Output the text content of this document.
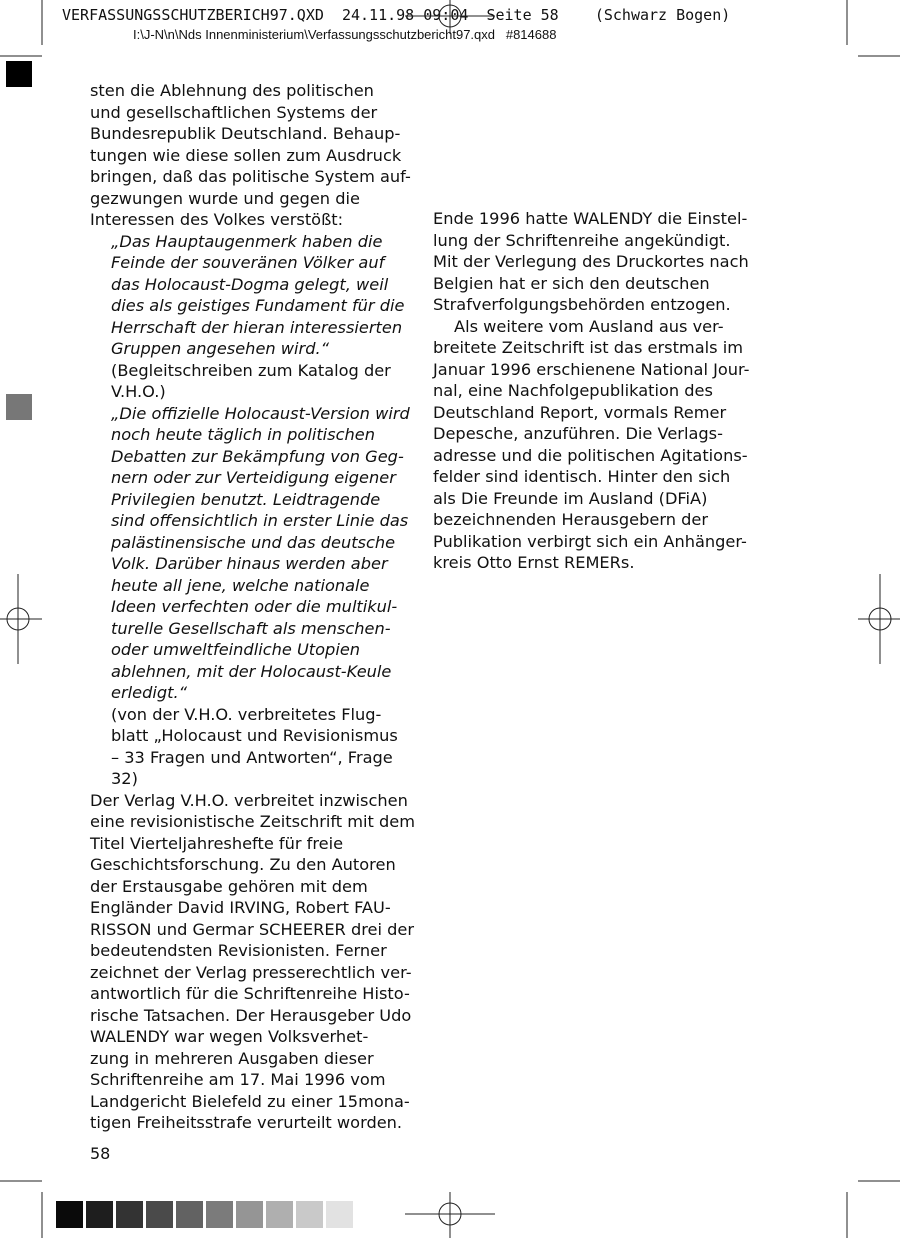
VERFASSUNGSSCHUTZBERICH97.QXD  24.11.98 09:04  Seite 58    (Schwarz Bogen)
I:\J-N\n\Nds Innenministerium\Verfassungsschutzbericht97.qxd   #814688
sten die Ablehnung des politischen
und gesellschaftlichen Systems der
Bundesrepublik Deutschland. Behaup-
tungen wie diese sollen zum Ausdruck
bringen, daß das politische System auf-
gezwungen wurde und gegen die
Interessen des Volkes verstößt:
„Das Hauptaugenmerk haben die
Feinde der souveränen Völker auf
das Holocaust-Dogma gelegt, weil
dies als geistiges Fundament für die
Herrschaft der hieran interessierten
Gruppen angesehen wird.“
(Begleitschreiben zum Katalog der
V.H.O.)
„Die offizielle Holocaust-Version wird
noch heute täglich in politischen
Debatten zur Bekämpfung von Geg-
nern oder zur Verteidigung eigener
Privilegien benutzt. Leidtragende
sind offensichtlich in erster Linie das
palästinensische und das deutsche
Volk. Darüber hinaus werden aber
heute all jene, welche nationale
Ideen verfechten oder die multikul-
turelle Gesellschaft als menschen-
oder umweltfeindliche Utopien
ablehnen, mit der Holocaust-Keule
erledigt.“
(von der V.H.O. verbreitetes Flug-
blatt „Holocaust und Revisionismus
– 33 Fragen und Antworten“, Frage
32)
Der Verlag V.H.O. verbreitet inzwischen
eine revisionistische Zeitschrift mit dem
Titel Vierteljahreshefte für freie
Geschichtsforschung. Zu den Autoren
der Erstausgabe gehören mit dem
Engländer David IRVING, Robert FAU-
RISSON und Germar SCHEERER drei der
bedeutendsten Revisionisten. Ferner
zeichnet der Verlag presserechtlich ver-
antwortlich für die Schriftenreihe Histo-
rische Tatsachen. Der Herausgeber Udo
WALENDY war wegen Volksverhet-
zung in mehreren Ausgaben dieser
Schriftenreihe am 17. Mai 1996 vom
Landgericht Bielefeld zu einer 15mona-
tigen Freiheitsstrafe verurteilt worden.
Ende 1996 hatte WALENDY die Einstel-
lung der Schriftenreihe angekündigt.
Mit der Verlegung des Druckortes nach
Belgien hat er sich den deutschen
Strafverfolgungsbehörden entzogen.
Als weitere vom Ausland aus ver-
breitete Zeitschrift ist das erstmals im
Januar 1996 erschienene National Jour-
nal, eine Nachfolgepublikation des
Deutschland Report, vormals Remer
Depesche, anzuführen. Die Verlags-
adresse und die politischen Agitations-
felder sind identisch. Hinter den sich
als Die Freunde im Ausland (DFiA)
bezeichnenden Herausgebern der
Publikation verbirgt sich ein Anhänger-
kreis Otto Ernst REMERs.
58
